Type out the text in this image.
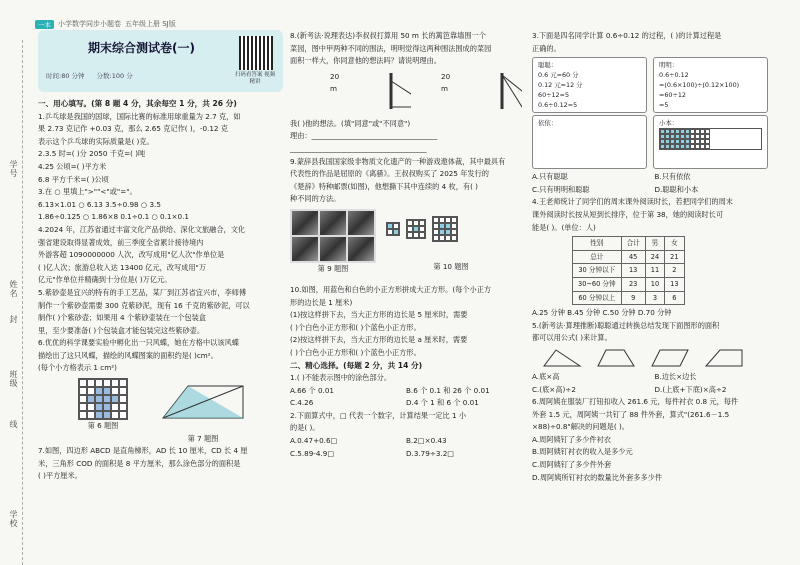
一本	小学数学同步小题卷 五年级上册 SJ版
学号
姓名
封
班级
线
学校
期末综合测试卷(一)
时间:80 分钟 分数:100 分	扫码看答案 视频精讲

一、用心填写。(第 8 题 4 分，其余每空 1 分，共 26 分)

1.乒乓球是我国的国球，国际比赛的标准用球重量为 2.7 克，如

果 2.73 克记作 +0.03 克，那么 2.65 克记作( )，-0.12 克

表示这个乒乓球的实际质量是( )克。

2.3.5 时=( )分 2050 千克=( )吨

4.25 公顷=( )平方米

6.8 平方千米=( )公顷

3.在 ○ 里填上">""<"或"="。

6.13×1.01 ○ 6.13 3.5÷0.98 ○ 3.5

1.86÷0.125 ○ 1.86×8 0.1÷0.1 ○ 0.1×0.1

4.2024 年，江苏省通过丰富文化产品供给、深化文旅融合，文化

强省建设取得显著成效，前三季度全省累计接待境内

外游客超 1090000000 人次，改写成用"亿人次"作单位是

( )亿人次；旅游总收入达 13400 亿元，改写成用"万

亿元"作单位并精确到十分位是( )万亿元。

5.紫砂壶是宜兴的特有的手工艺品，某厂到江苏省宜兴市，李师傅

制作一个紫砂壶需要 300 克紫砂泥，现有 16 千克的紫砂泥，可以

制作( )个紫砂壶；如果用 4 个紫砂壶装在一个包装盒

里，至少要准备( )个包装盒才能包装完这些紫砂壶。

6.优优的科学课要实验中孵化出一只风蝶，她在方格中以该风蝶

描绘出了这只风蝶，描绘的风蝶图案的面积约是( )cm²。

(每个小方格表示 1 cm²)

第 6 题图
第 7 题图

7.如图，四边形 ABCD 是直角梯形，AD 长 10 厘米，CD 长 4 厘

米，三角形 COD 的面积是 8 平方厘米，那么涂色部分的面积是

( )平方厘米。

8.(新考法·说理表达)李叔叔打算用 50 m 长的篱笆靠墙围一个

菜园，图中甲两种不同的围法，明明觉得这两种围法围成的菜园

面积一样大，你同意他的想法吗？请说明理由。

20 m
20 m

我( )他的想法。(填"同意"或"不同意")

理由：___________________________________

______________________________________

9.蒙辞县我国国家级非物质文化遗产的一种游戏遨体裁，其中最具有

代表性的作品是屈原的《离骚》。王叔叔购买了 2025 年发行的

《楚辞》特种邮票(如图)，他想撕下其中连续的 4 枚，有( )

种不同的方法。

第 9 题图	第 10 题图

10.如图，用蓝色和白色的小正方形拼成大正方形。(每个小正方

形的边长是 1 厘米)

(1)按这样拼下去，当大正方形的边长是 5 厘米时，需要

( )个白色小正方形和( )个蓝色小正方形。

(2)按这样拼下去，当大正方形的边长是 a 厘米时，需要

( )个白色小正方形和( )个蓝色小正方形。

二、精心选择。(每题 2 分，共 14 分)

1.( )不能表示图中的涂色部分。

A.66 个 0.01	B.6 个 0.1 和 26 个 0.01
C.4.26	D.4 个 1 和 6 个 0.01

2.下面算式中，□ 代表一个数字，计算结果一定比 1 小

的是( )。

A.0.47+0.6□	B.2□×0.43
C.5.89-4.9□	D.3.79÷3.2□

3.下面是四名同学计算 0.6÷0.12 的过程，( )的计算过程是

正确的。

聪聪：
0.6 元=60 分
0.12 元=12 分
60÷12=5
0.6÷0.12=5
明明：
0.6÷0.12
=(0.6×100)÷(0.12×100)
=60÷12
=5
依依：	小本：
A.只有聪聪	B.只有依依
C.只有明明和聪聪	D.聪聪和小本

4.王老师统计了同学们的周末课外阅读时长，若把同学们的周末

课外阅读时长按从短到长排序，位于第 38，她的阅读时长可

能是( )。(单位：人)

性别	合计	男	女
总计	45	24	21
30 分钟以下	13	11	2
30~60 分钟	23	10	13
60 分钟以上	9	3	6

A.25 分钟 B.45 分钟 C.50 分钟 D.70 分钟

5.(新考法·算理推断)聪聪通过转换总结发现下面图形的面积

都可以用公式( )来计算。

A.底×高	B.边长×边长
C.(底×高)÷2	D.(上底+下底)×高÷2

6.周阿姨在服装厂打钮扣收入 261.6 元，每件衬衣 0.8 元，每件

外套 1.5 元，周阿姨一共钉了 88 件外套，算式"(261.6－1.5

×88)÷0.8"解决的问题是( )。

A.周阿姨钉了多少件衬衣

B.周阿姨钉衬衣的收入是多少元

C.周阿姨钉了多少件外套

D.周阿姨所钉衬衣的数量比外套多多少件
